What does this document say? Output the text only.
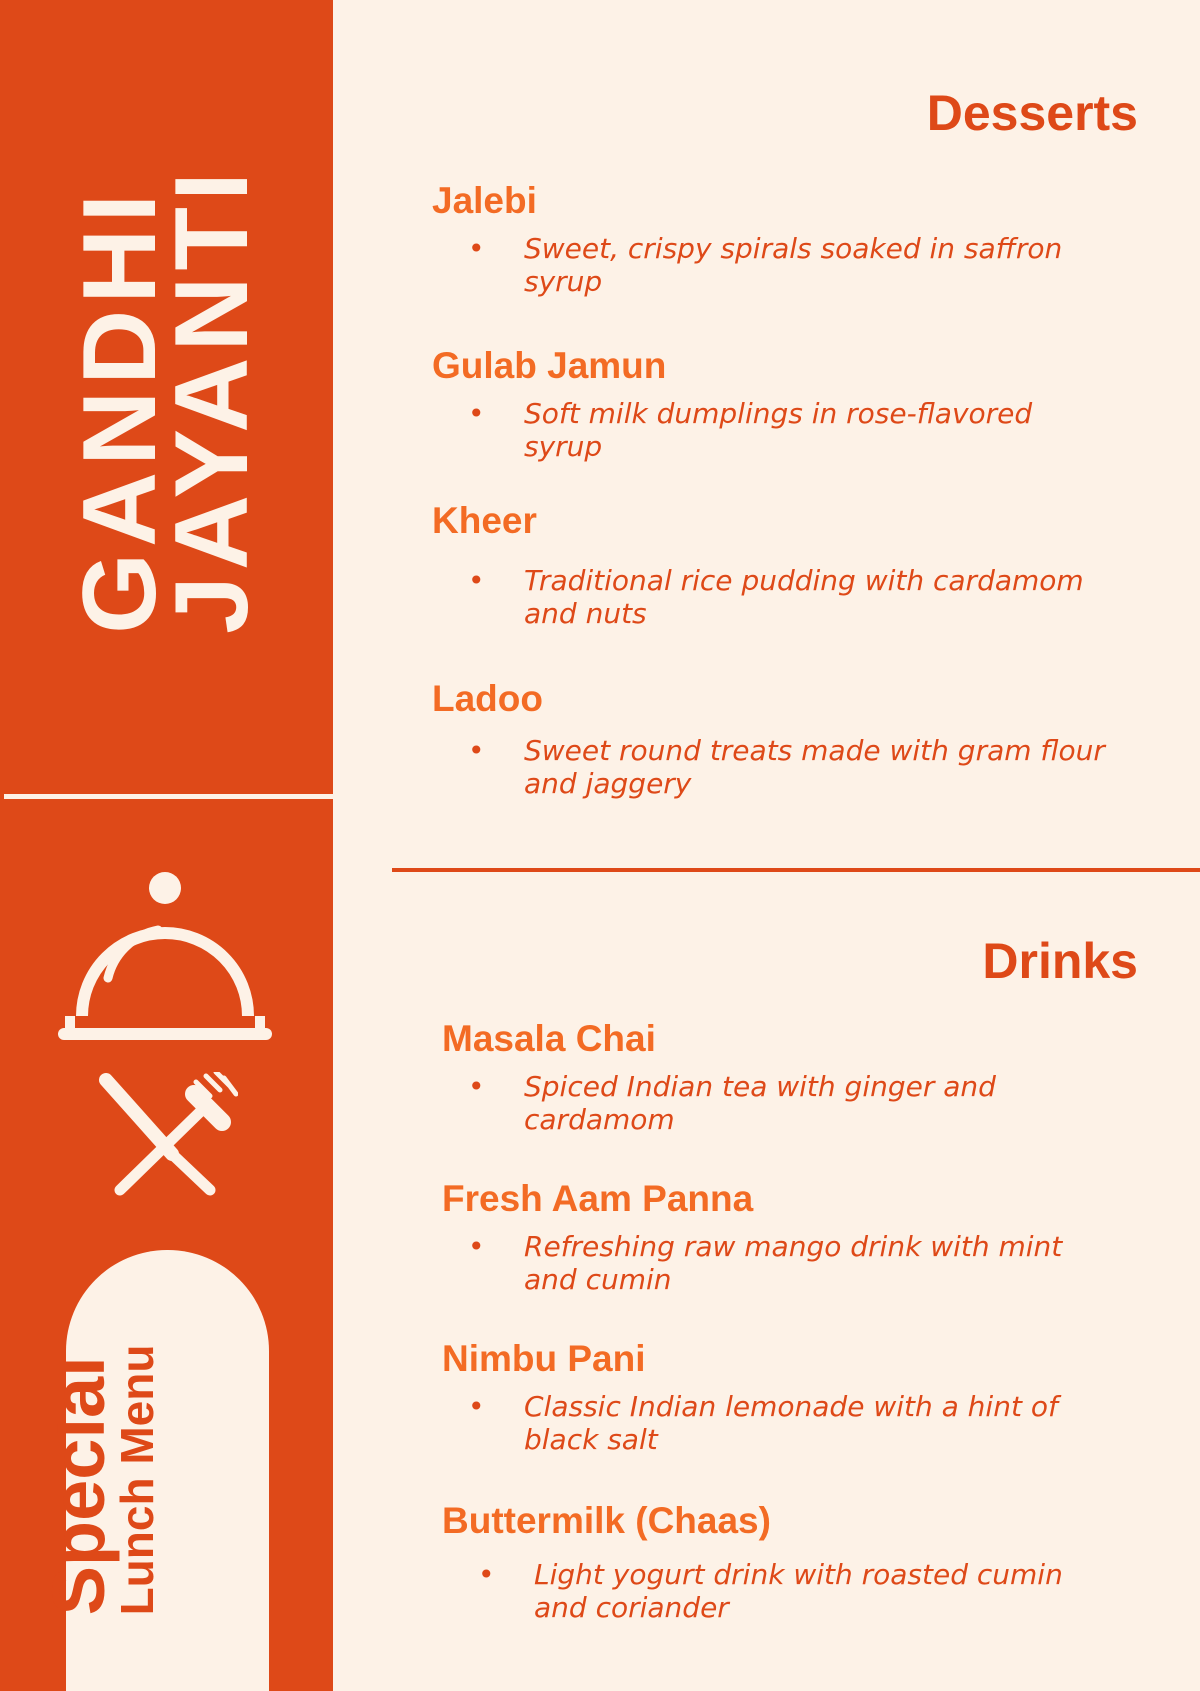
GANDHI
JAYANTI
Special
Lunch Menu
Desserts
Jalebi

• Sweet, crispy spirals soaked in saffron syrup

Gulab Jamun

• Soft milk dumplings in rose-flavored syrup

Kheer

• Traditional rice pudding with cardamom and nuts

Ladoo

• Sweet round treats made with gram flour and jaggery

Drinks
Masala Chai

• Spiced Indian tea with ginger and cardamom

Fresh Aam Panna

• Refreshing raw mango drink with mint and cumin

Nimbu Pani

• Classic Indian lemonade with a hint of black salt

Buttermilk (Chaas)

• Light yogurt drink with roasted cumin and coriander
